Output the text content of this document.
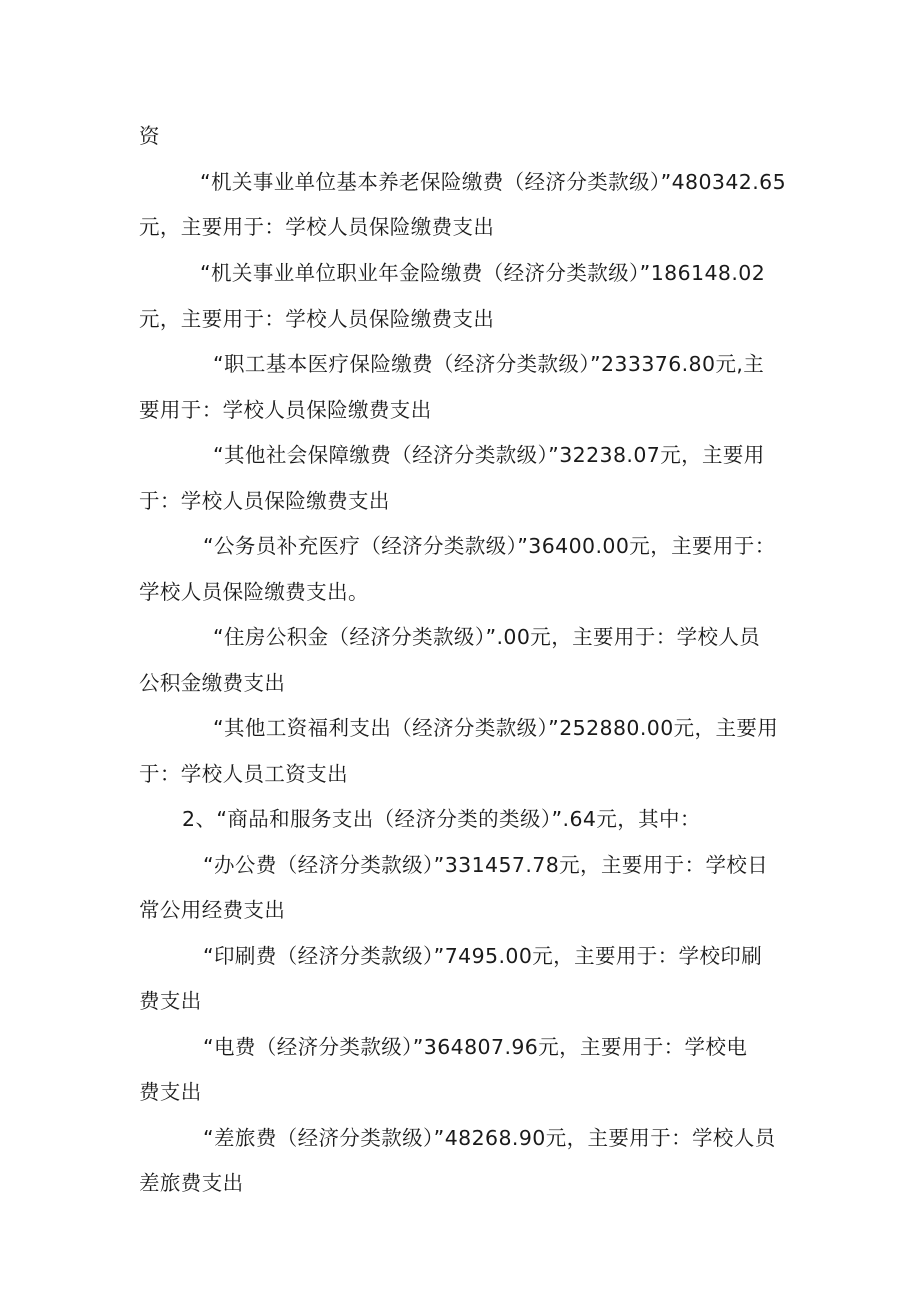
资
“机关事业单位基本养老保险缴费（经济分类款级）”480342.65
元，主要用于：学校人员保险缴费支出
“机关事业单位职业年金险缴费（经济分类款级）”186148.02
元，主要用于：学校人员保险缴费支出
“职工基本医疗保险缴费（经济分类款级）”233376.80元,主
要用于：学校人员保险缴费支出
“其他社会保障缴费（经济分类款级）”32238.07元，主要用
于：学校人员保险缴费支出
“公务员补充医疗（经济分类款级）”36400.00元，主要用于：
学校人员保险缴费支出。
“住房公积金（经济分类款级）”.00元，主要用于：学校人员
公积金缴费支出
“其他工资福利支出（经济分类款级）”252880.00元，主要用
于：学校人员工资支出
2、“商品和服务支出（经济分类的类级）”.64元，其中：
“办公费（经济分类款级）”331457.78元，主要用于：学校日
常公用经费支出
“印刷费（经济分类款级）”7495.00元，主要用于：学校印刷
费支出
“电费（经济分类款级）”364807.96元，主要用于：学校电
费支出
“差旅费（经济分类款级）”48268.90元，主要用于：学校人员
差旅费支出
